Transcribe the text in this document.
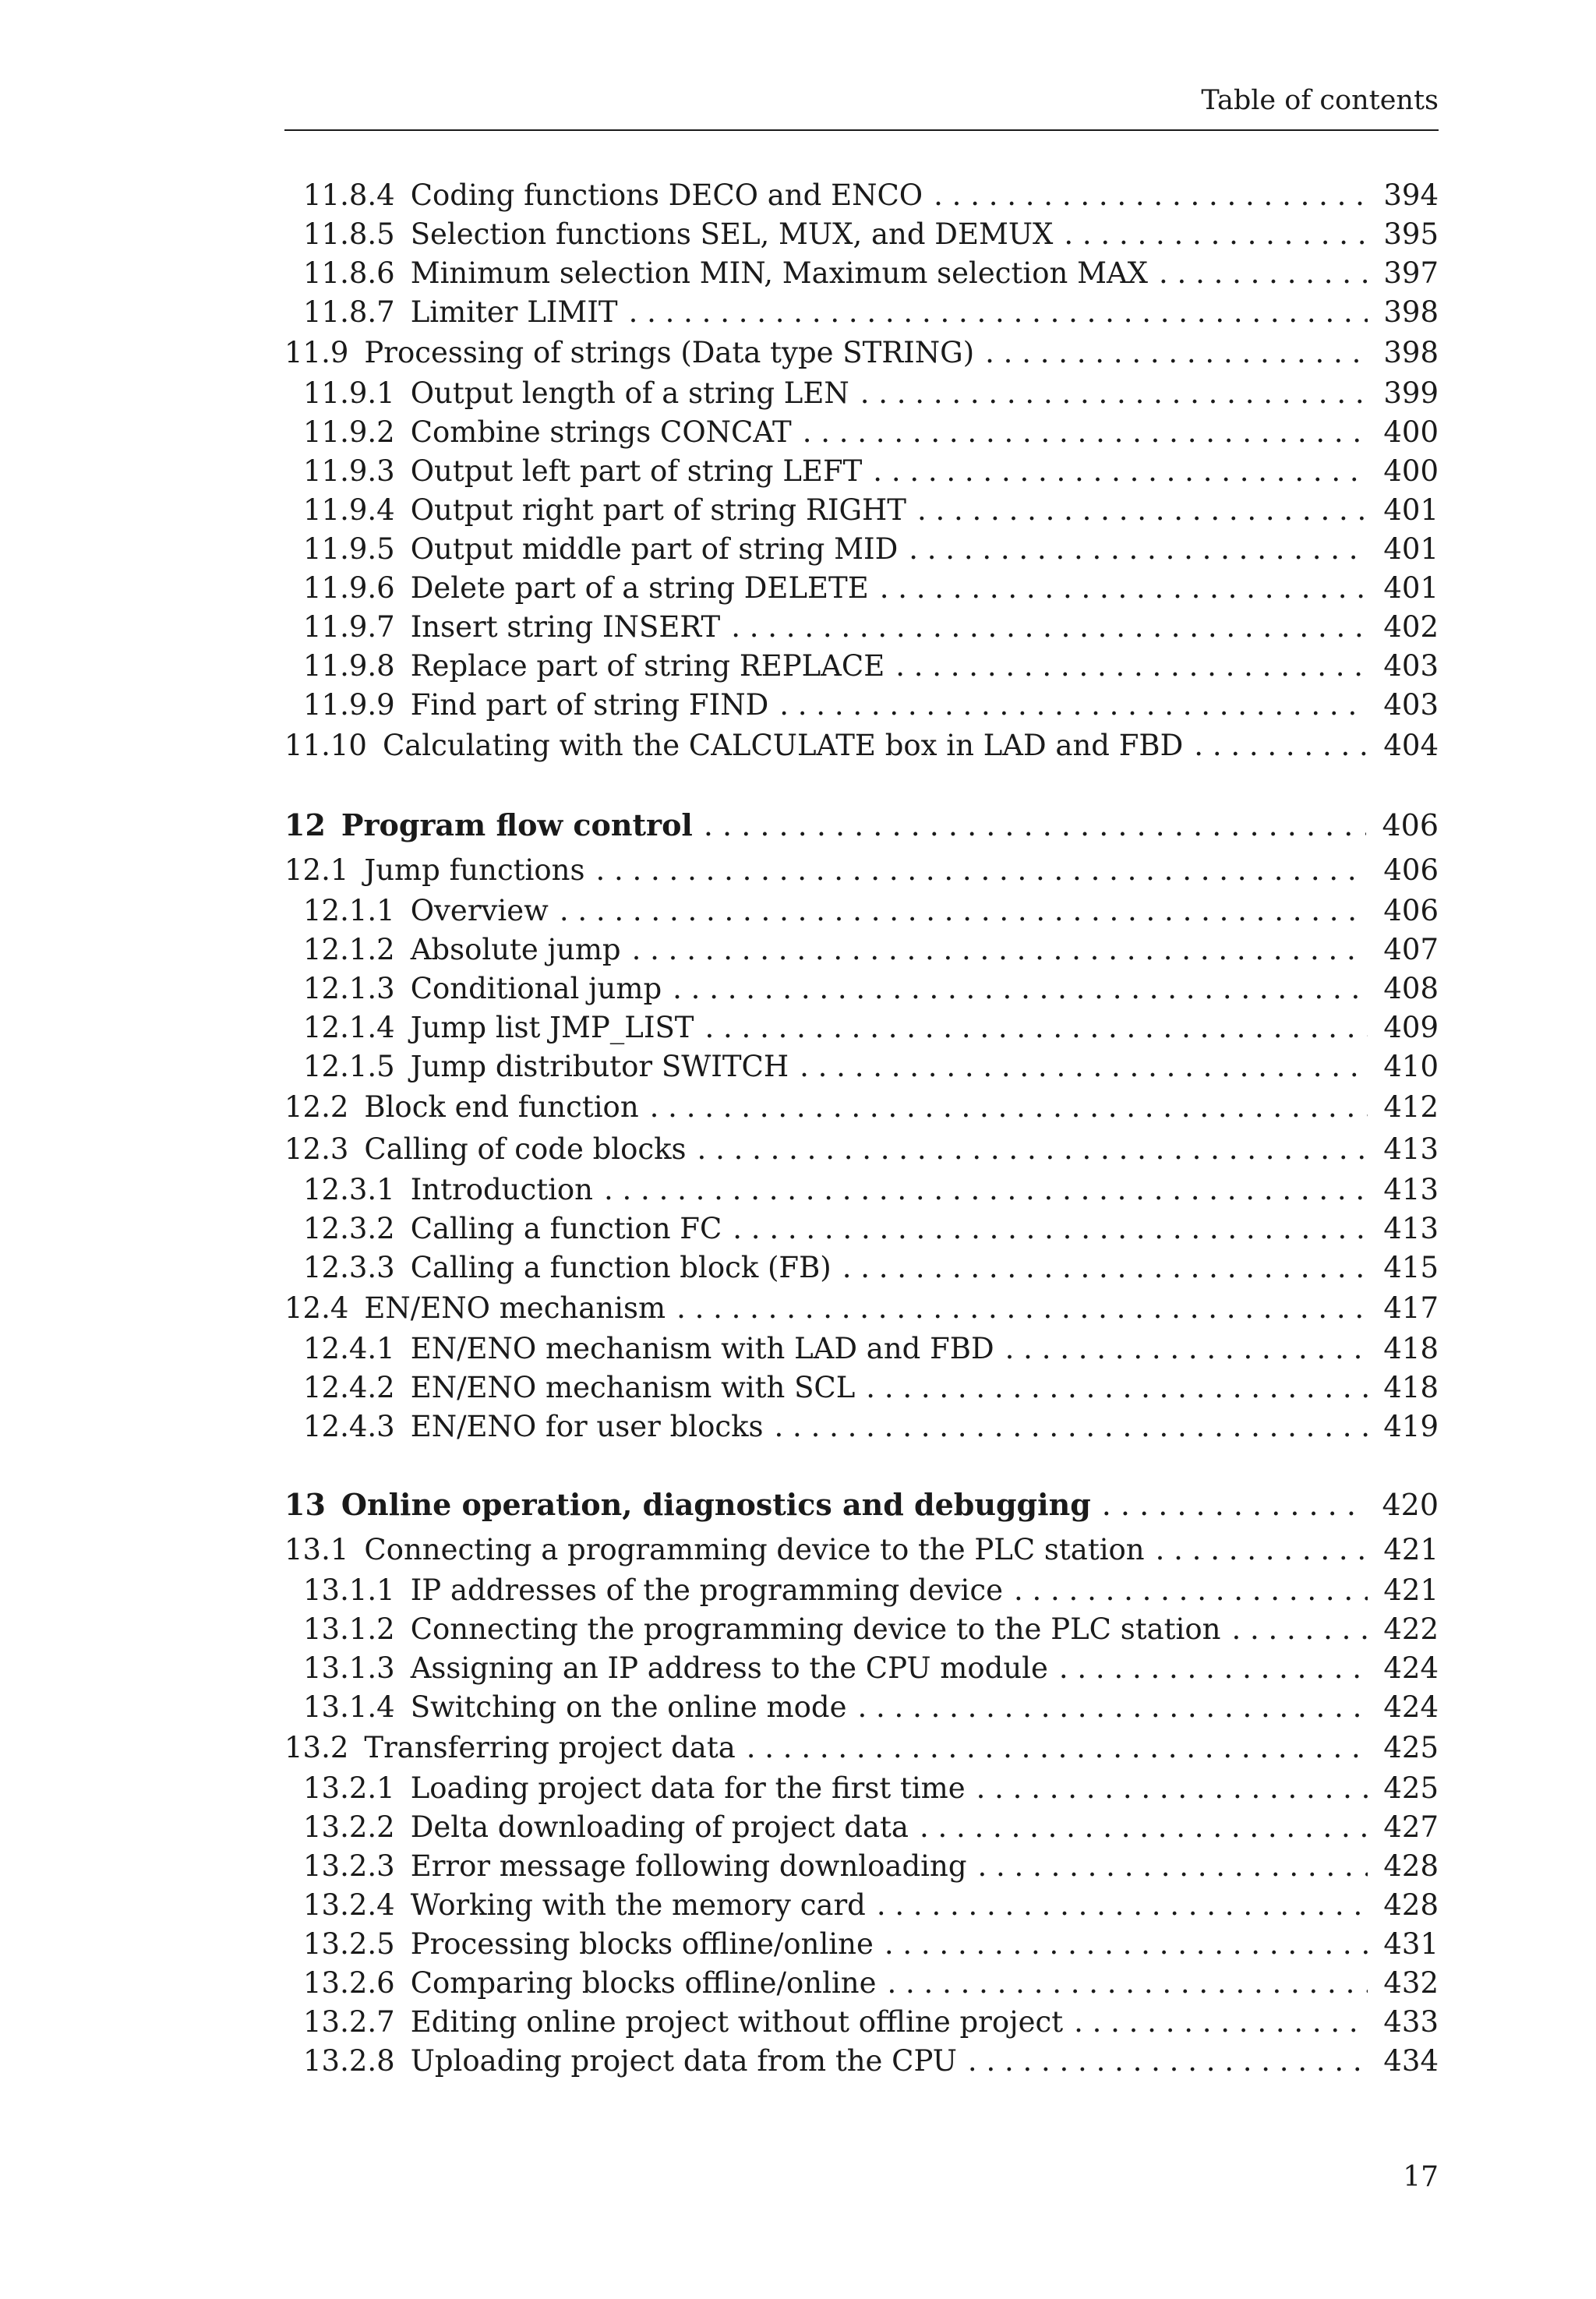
Table of contents
11.8.4 Coding functions DECO and ENCO . . .	394
11.8.5 Selection functions SEL, MUX, and DEMUX . . .	395
11.8.6 Minimum selection MIN, Maximum selection MAX . . .	397
11.8.7 Limiter LIMIT . . .	398
11.9 Processing of strings (Data type STRING) . . .	398
11.9.1 Output length of a string LEN . . .	399
11.9.2 Combine strings CONCAT . . .	400
11.9.3 Output left part of string LEFT . . .	400
11.9.4 Output right part of string RIGHT . . .	401
11.9.5 Output middle part of string MID . . .	401
11.9.6 Delete part of a string DELETE . . .	401
11.9.7 Insert string INSERT . . .	402
11.9.8 Replace part of string REPLACE . . .	403
11.9.9 Find part of string FIND . . .	403
11.10 Calculating with the CALCULATE box in LAD and FBD . . .	404
12 Program flow control . . .	406
12.1 Jump functions . . .	406
12.1.1 Overview . . .	406
12.1.2 Absolute jump . . .	407
12.1.3 Conditional jump . . .	408
12.1.4 Jump list JMP_LIST . . .	409
12.1.5 Jump distributor SWITCH . . .	410
12.2 Block end function . . .	412
12.3 Calling of code blocks . . .	413
12.3.1 Introduction . . .	413
12.3.2 Calling a function FC . . .	413
12.3.3 Calling a function block (FB) . . .	415
12.4 EN/ENO mechanism . . .	417
12.4.1 EN/ENO mechanism with LAD and FBD . . .	418
12.4.2 EN/ENO mechanism with SCL . . .	418
12.4.3 EN/ENO for user blocks . . .	419
13 Online operation, diagnostics and debugging . . .	420
13.1 Connecting a programming device to the PLC station . . .	421
13.1.1 IP addresses of the programming device . . .	421
13.1.2 Connecting the programming device to the PLC station . . .	422
13.1.3 Assigning an IP address to the CPU module . . .	424
13.1.4 Switching on the online mode . . .	424
13.2 Transferring project data . . .	425
13.2.1 Loading project data for the first time . . .	425
13.2.2 Delta downloading of project data . . .	427
13.2.3 Error message following downloading . . .	428
13.2.4 Working with the memory card . . .	428
13.2.5 Processing blocks offline/online . . .	431
13.2.6 Comparing blocks offline/online . . .	432
13.2.7 Editing online project without offline project . . .	433
13.2.8 Uploading project data from the CPU . . .	434
17
